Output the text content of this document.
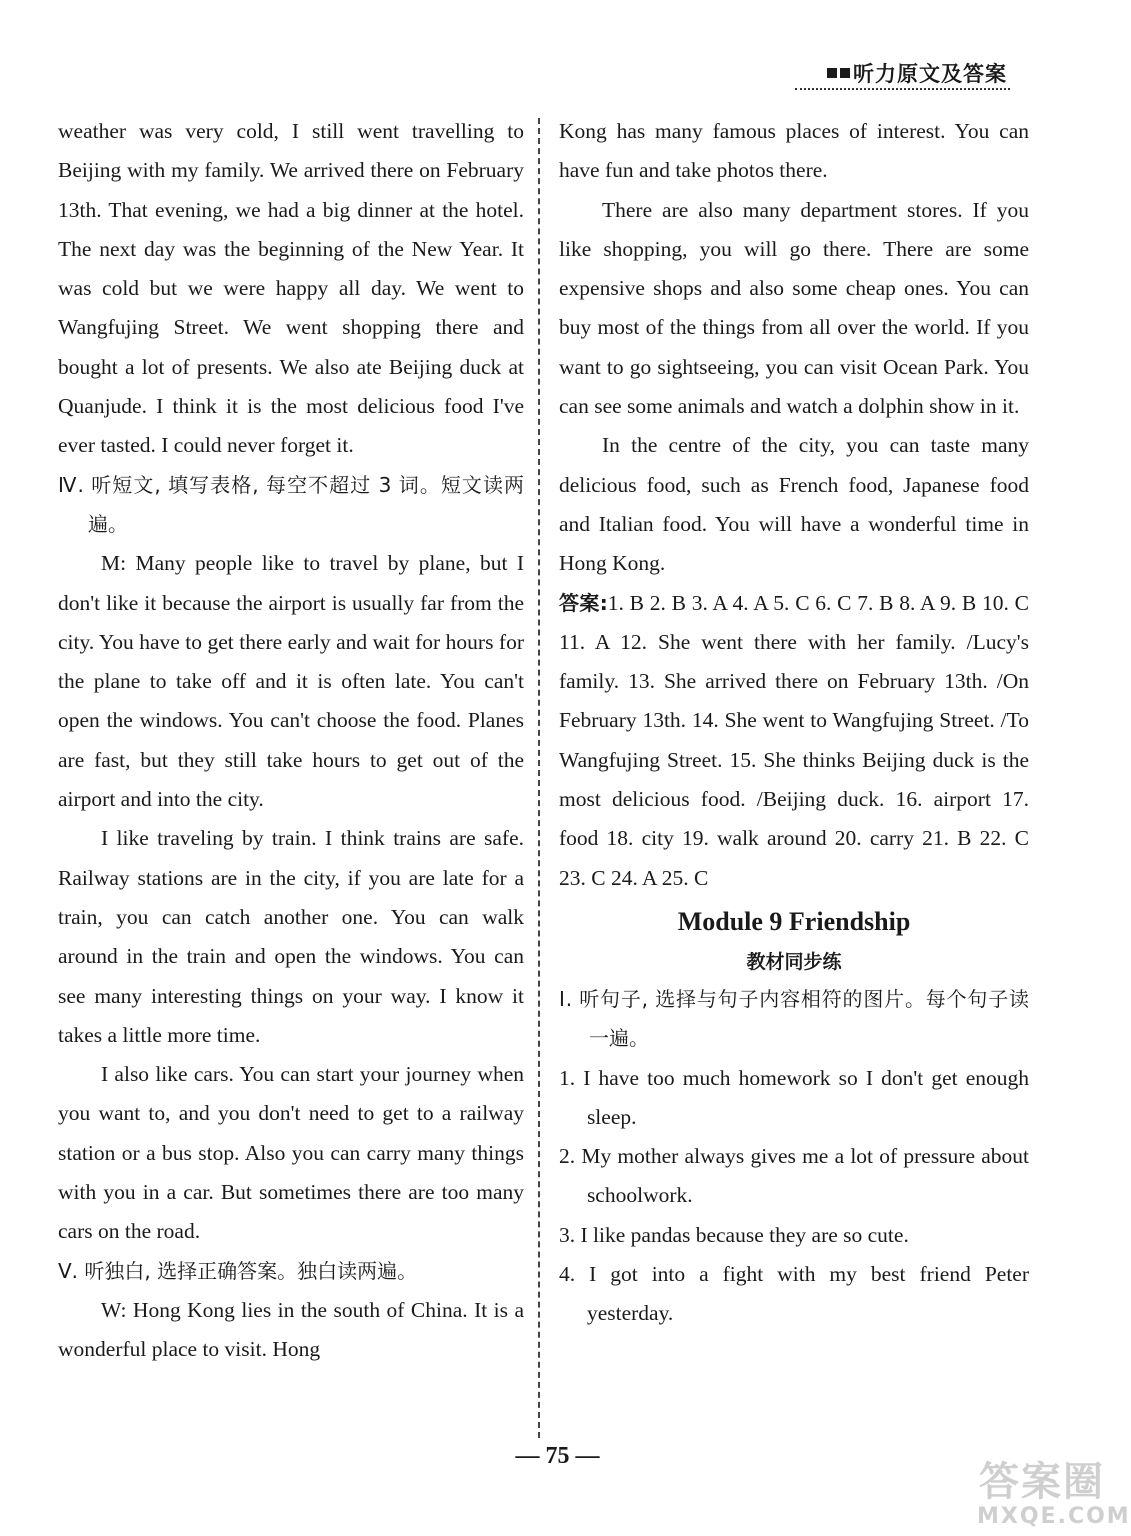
听力原文及答案

weather was very cold, I still went travelling to Beijing with my family. We arrived there on February 13th. That evening, we had a big dinner at the hotel. The next day was the beginning of the New Year. It was cold but we were happy all day. We went to Wangfujing Street. We went shopping there and bought a lot of presents. We also ate Beijing duck at Quanjude. I think it is the most delicious food I've ever tasted. I could never forget it.

Ⅳ. 听短文, 填写表格, 每空不超过 3 词。短文读两遍。

M: Many people like to travel by plane, but I don't like it because the airport is usually far from the city. You have to get there early and wait for hours for the plane to take off and it is often late. You can't open the windows. You can't choose the food. Planes are fast, but they still take hours to get out of the airport and into the city.

I like traveling by train. I think trains are safe. Railway stations are in the city, if you are late for a train, you can catch another one. You can walk around in the train and open the windows. You can see many interesting things on your way. I know it takes a little more time.

I also like cars. You can start your journey when you want to, and you don't need to get to a railway station or a bus stop. Also you can carry many things with you in a car. But sometimes there are too many cars on the road.

Ⅴ. 听独白, 选择正确答案。独白读两遍。

W: Hong Kong lies in the south of China. It is a wonderful place to visit. Hong

Kong has many famous places of interest. You can have fun and take photos there.

There are also many department stores. If you like shopping, you will go there. There are some expensive shops and also some cheap ones. You can buy most of the things from all over the world. If you want to go sightseeing, you can visit Ocean Park. You can see some animals and watch a dolphin show in it.

In the centre of the city, you can taste many delicious food, such as French food, Japanese food and Italian food. You will have a wonderful time in Hong Kong.

答案:1. B 2. B 3. A 4. A 5. C 6. C 7. B 8. A 9. B 10. C 11. A 12. She went there with her family. /Lucy's family. 13. She arrived there on February 13th. /On February 13th. 14. She went to Wangfujing Street. /To Wangfujing Street. 15. She thinks Beijing duck is the most delicious food. /Beijing duck. 16. airport 17. food 18. city 19. walk around 20. carry 21. B 22. C 23. C 24. A 25. C

Module 9 Friendship
教材同步练

Ⅰ. 听句子, 选择与句子内容相符的图片。每个句子读一遍。

1. I have too much homework so I don't get enough sleep.

2. My mother always gives me a lot of pressure about schoolwork.

3. I like pandas because they are so cute.

4. I got into a fight with my best friend Peter yesterday.

— 75 —
答案圈
MXQE.COM
